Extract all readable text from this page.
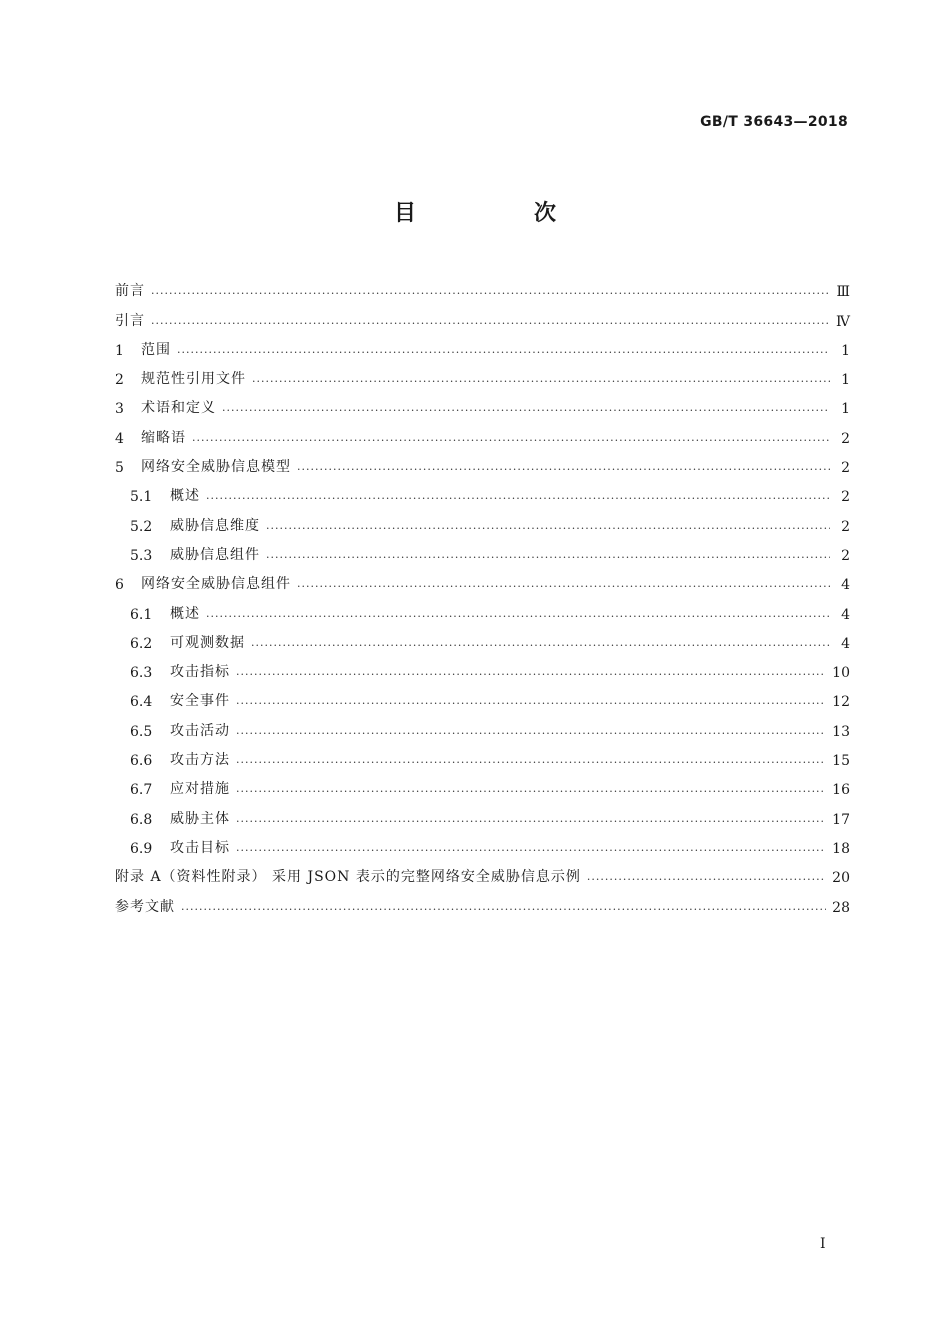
GB/T 36643—2018
目　次
前言 ·····	Ⅲ
引言 ·····	Ⅳ
1	范围 ·····	1
2	规范性引用文件 ·····	1
3	术语和定义 ·····	1
4	缩略语 ·····	2
5	网络安全威胁信息模型 ·····	2
5.1	概述 ·····	2
5.2	威胁信息维度 ·····	2
5.3	威胁信息组件 ·····	2
6	网络安全威胁信息组件 ·····	4
6.1	概述 ·····	4
6.2	可观测数据 ·····	4
6.3	攻击指标 ·····	10
6.4	安全事件 ·····	12
6.5	攻击活动 ·····	13
6.6	攻击方法 ·····	15
6.7	应对措施 ·····	16
6.8	威胁主体 ·····	17
6.9	攻击目标 ·····	18
附录 A（资料性附录） 采用 JSON 表示的完整网络安全威胁信息示例 ·····	20
参考文献 ·····	28
I
